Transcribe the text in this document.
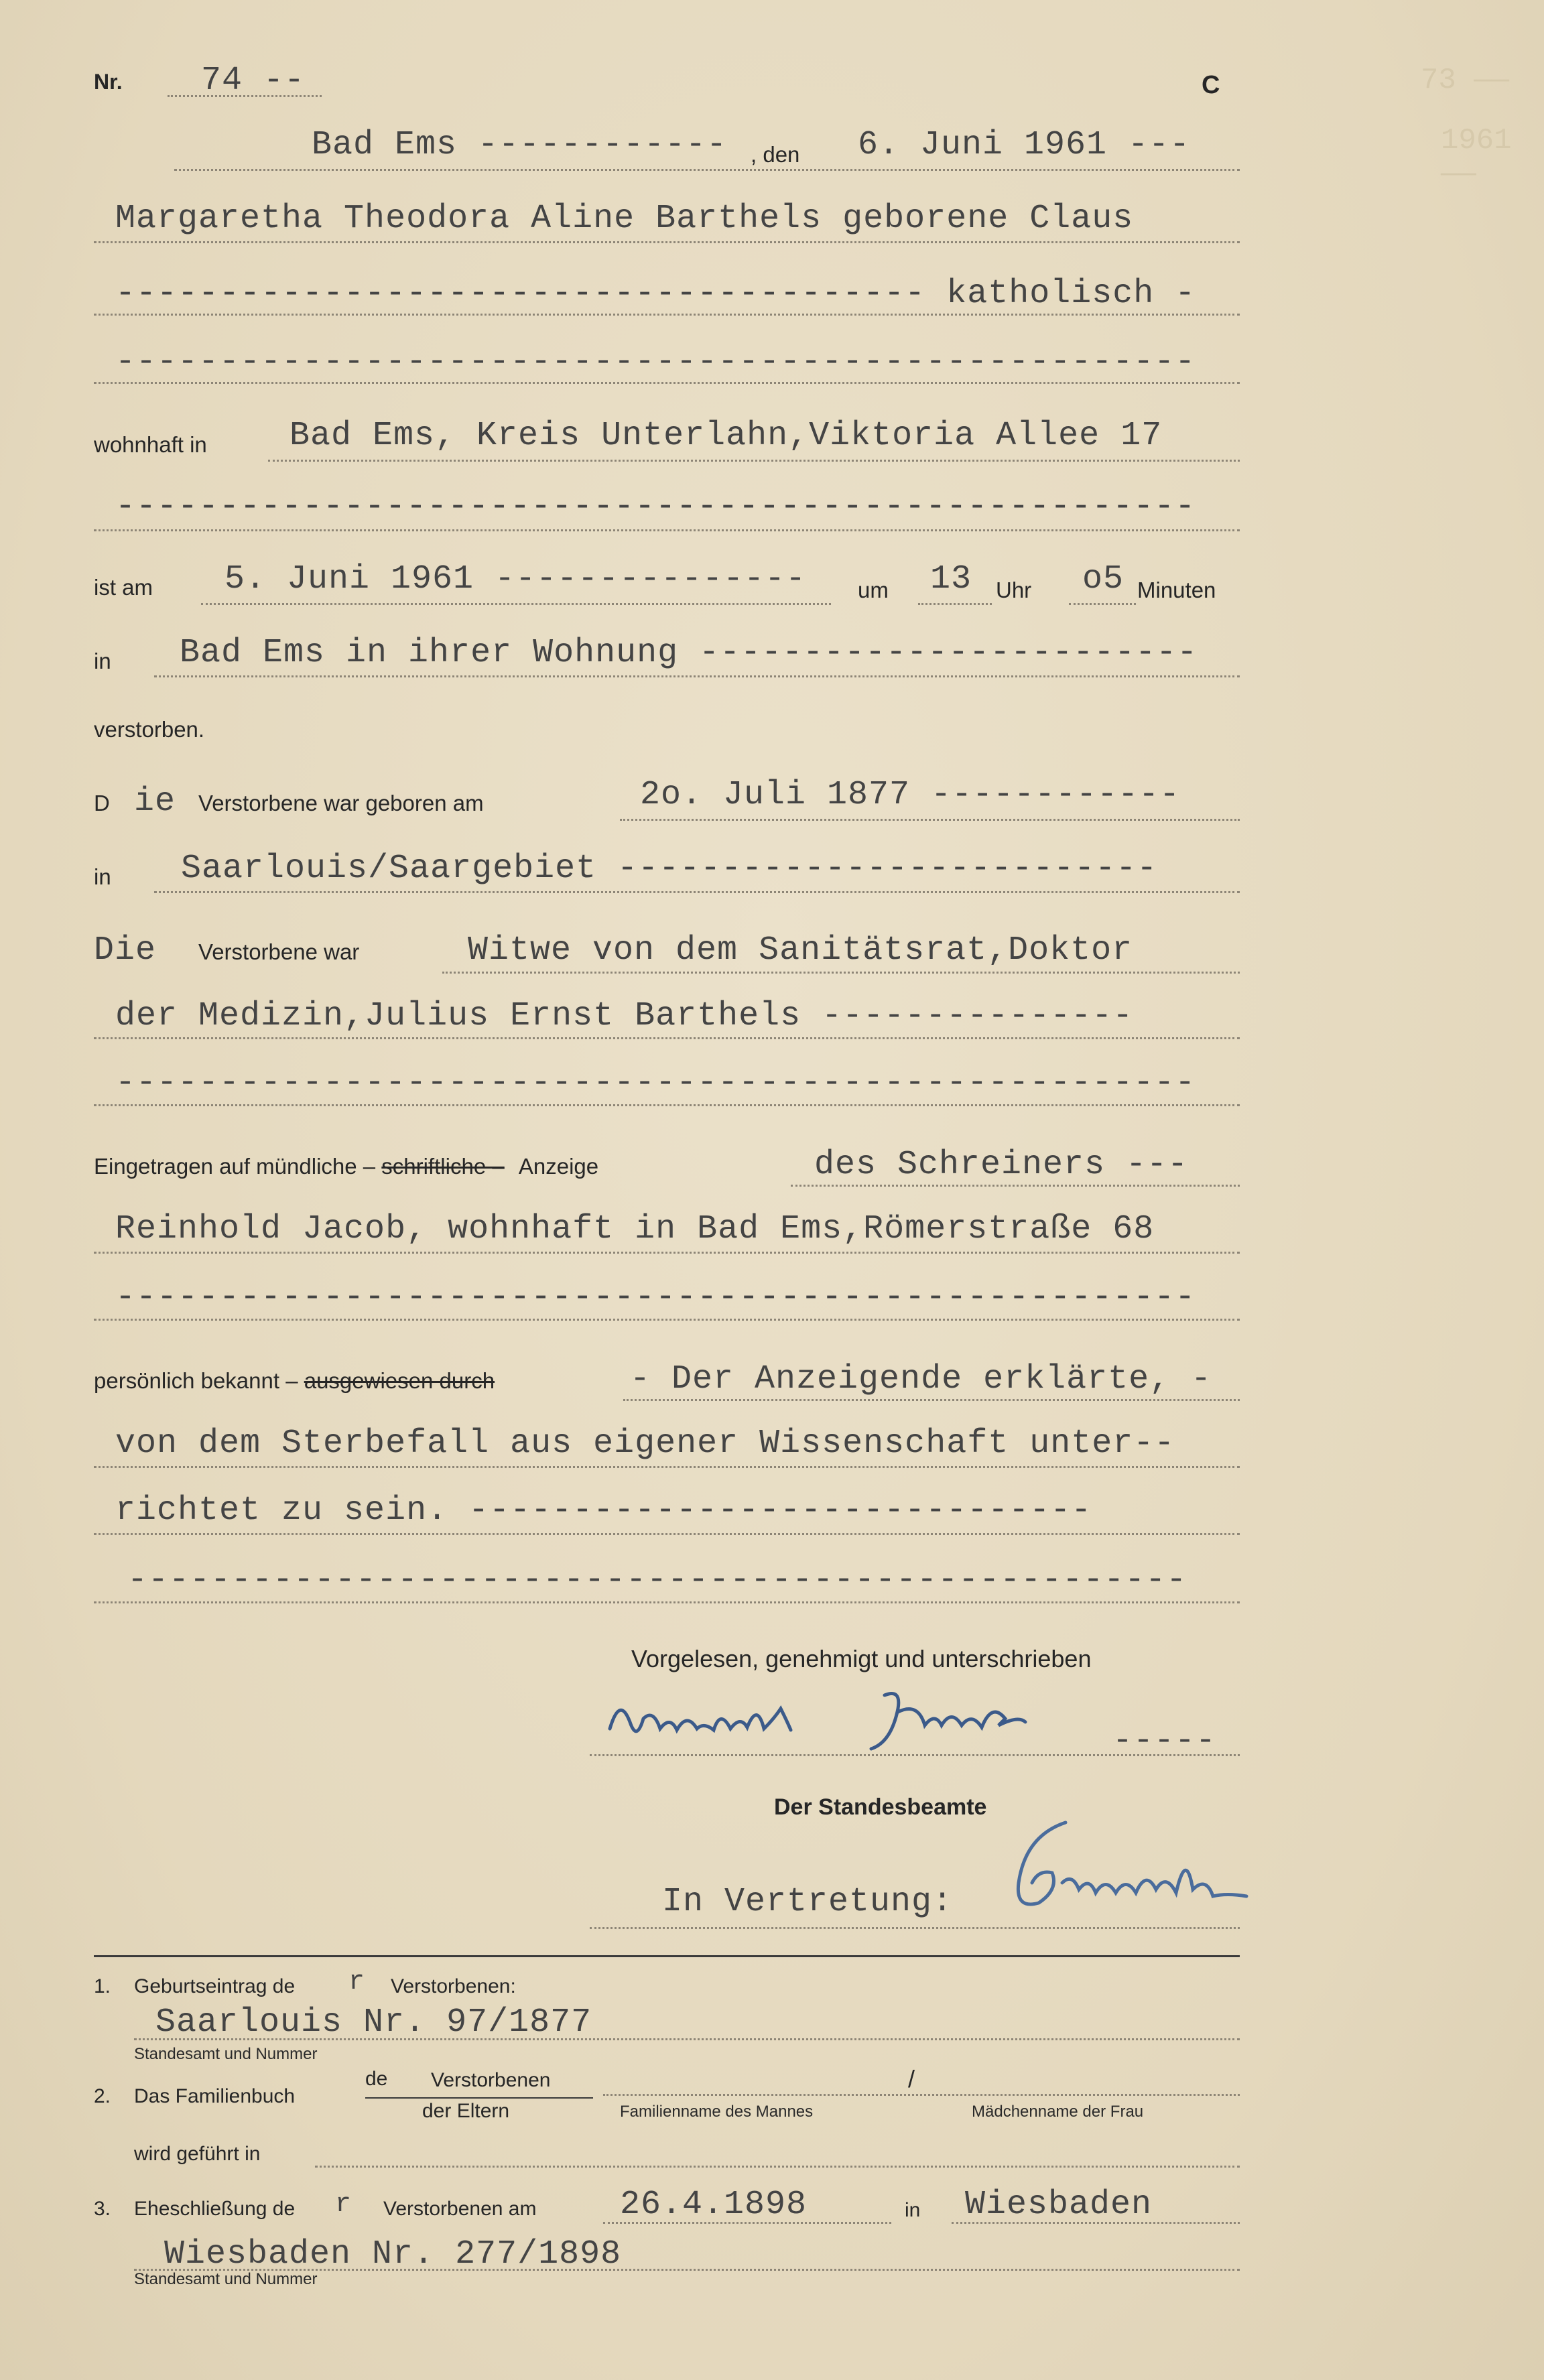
73 ——
1961 ——
Nr. 74 --	C
Bad Ems ------------ , den 6. Juni 1961 ---
Margaretha Theodora Aline Barthels geborene Claus
--------------------------------------- katholisch -
----------------------------------------------------
wohnhaft in Bad Ems, Kreis Unterlahn,Viktoria Allee 17
----------------------------------------------------
ist am 5. Juni 1961 --------------- um 13 Uhr o5 Minuten
in Bad Ems in ihrer Wohnung ------------------------
verstorben.
D ie Verstorbene war geboren am	2o. Juli 1877 ------------
in Saarlouis/Saargebiet --------------------------
Die Verstorbene war	Witwe von dem Sanitätsrat,Doktor
der Medizin,Julius Ernst Barthels ---------------
----------------------------------------------------
Eingetragen auf mündliche – schriftliche – Anzeige	des Schreiners ---
Reinhold Jacob, wohnhaft in Bad Ems,Römerstraße 68
----------------------------------------------------
persönlich bekannt – ausgewiesen durch	- Der Anzeigende erklärte, -
von dem Sterbefall aus eigener Wissenschaft unter--
richtet zu sein. ------------------------------
---------------------------------------------------
Vorgelesen, genehmigt und unterschrieben
-----
Der Standesbeamte
In Vertretung:
1. Geburtseintrag de r Verstorbenen:
Saarlouis Nr. 97/1877
Standesamt und Nummer
2. Das Familienbuch
de Verstorbenen
der Eltern
/
Familienname des Mannes	Mädchenname der Frau
wird geführt in
3. Eheschließung de r Verstorbenen am 26.4.1898	in Wiesbaden
Wiesbaden Nr. 277/1898
Standesamt und Nummer
